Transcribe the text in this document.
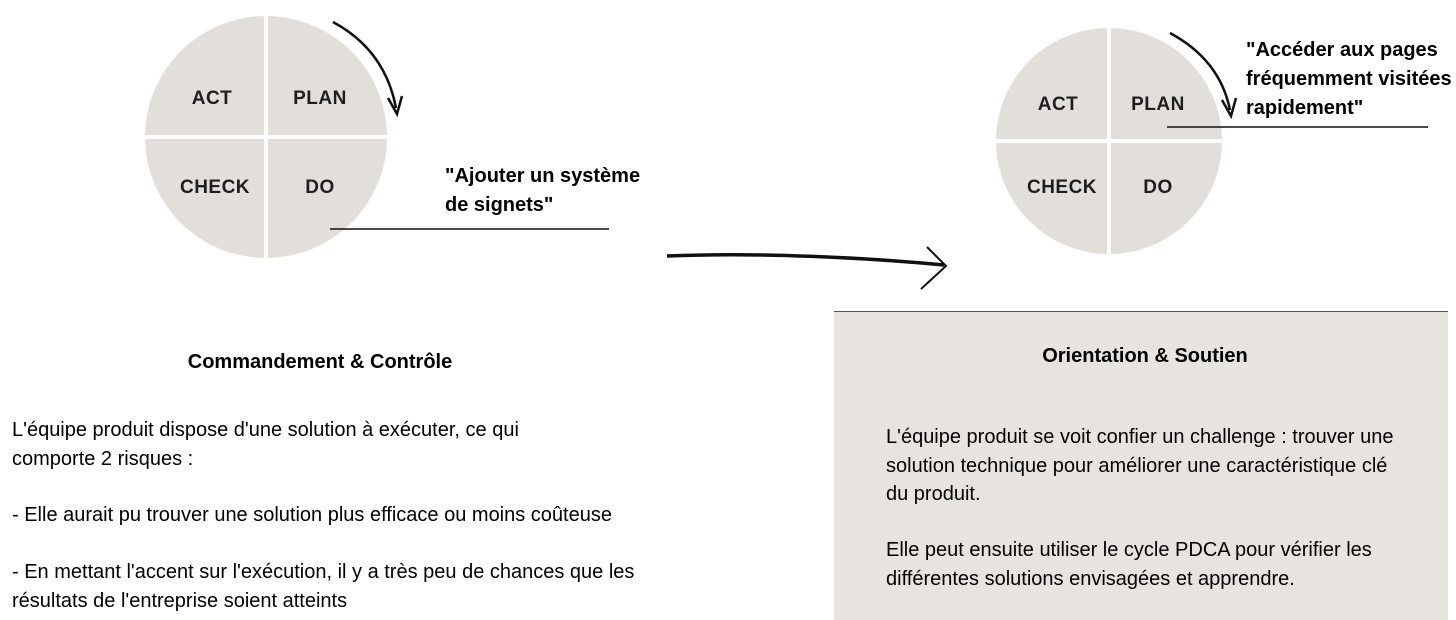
ACT	PLAN
CHECK	DO
ACT	PLAN
CHECK DO
"Ajouter un système
de signets"
"Accéder aux pages
fréquemment visitées
rapidement"
Commandement & Contrôle
L'équipe produit dispose d'une solution à exécuter, ce qui
comporte 2 risques :
- Elle aurait pu trouver une solution plus efficace ou moins coûteuse
- En mettant l'accent sur l'exécution, il y a très peu de chances que les
résultats de l'entreprise soient atteints
Orientation & Soutien
L'équipe produit se voit confier un challenge : trouver une
solution technique pour améliorer une caractéristique clé
du produit.
Elle peut ensuite utiliser le cycle PDCA pour vérifier les
différentes solutions envisagées et apprendre.
